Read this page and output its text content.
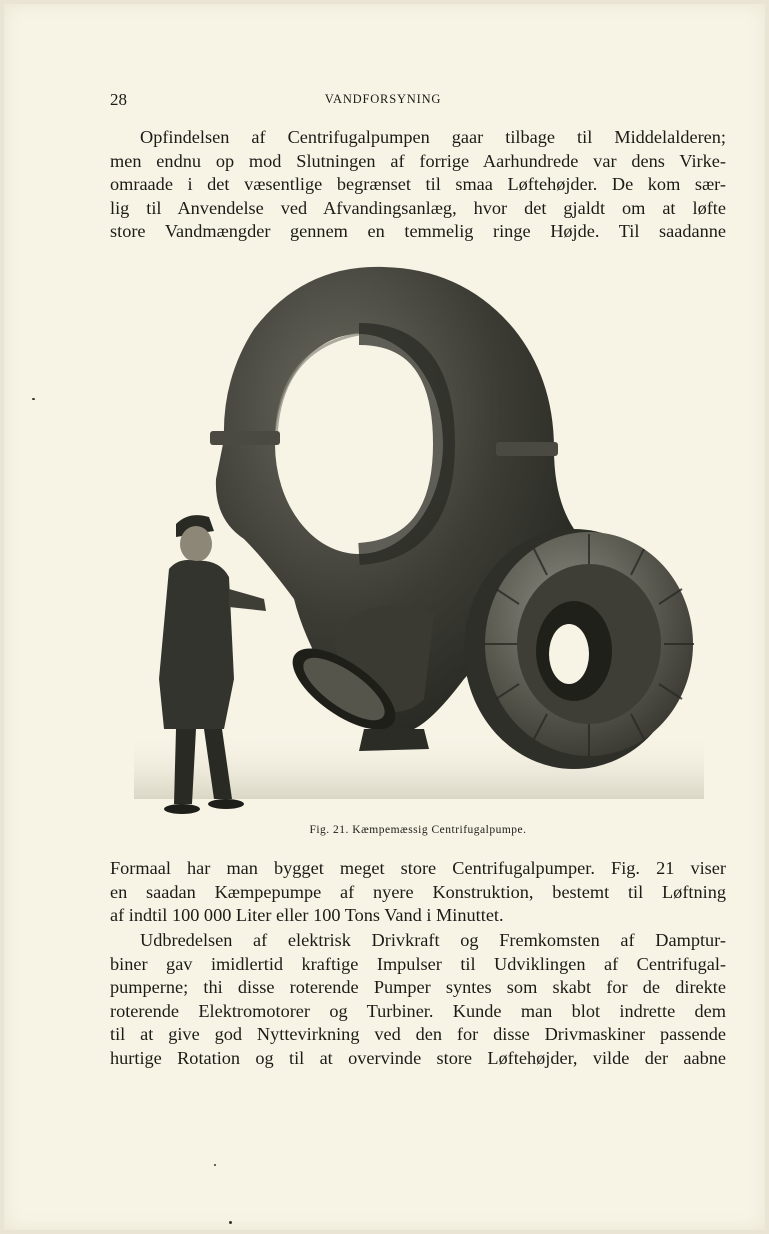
28	VANDFORSYNING

Opfindelsen af Centrifugalpumpen gaar tilbage til Middelalderen;
men endnu op mod Slutningen af forrige Aarhundrede var dens Virke-
omraade i det væsentlige begrænset til smaa Løftehøjder. De kom sær-
lig til Anvendelse ved Afvandingsanlæg, hvor det gjaldt om at løfte
store Vandmængder gennem en temmelig ringe Højde. Til saadanne

Fig. 21. Kæmpemæssig Centrifugalpumpe.

Formaal har man bygget meget store Centrifugalpumper. Fig. 21 viser
en saadan Kæmpepumpe af nyere Konstruktion, bestemt til Løftning
af indtil 100 000 Liter eller 100 Tons Vand i Minuttet.

Udbredelsen af elektrisk Drivkraft og Fremkomsten af Damptur-
biner gav imidlertid kraftige Impulser til Udviklingen af Centrifugal-
pumperne; thi disse roterende Pumper syntes som skabt for de direkte
roterende Elektromotorer og Turbiner. Kunde man blot indrette dem
til at give god Nyttevirkning ved den for disse Drivmaskiner passende
hurtige Rotation og til at overvinde store Løftehøjder, vilde der aabne
